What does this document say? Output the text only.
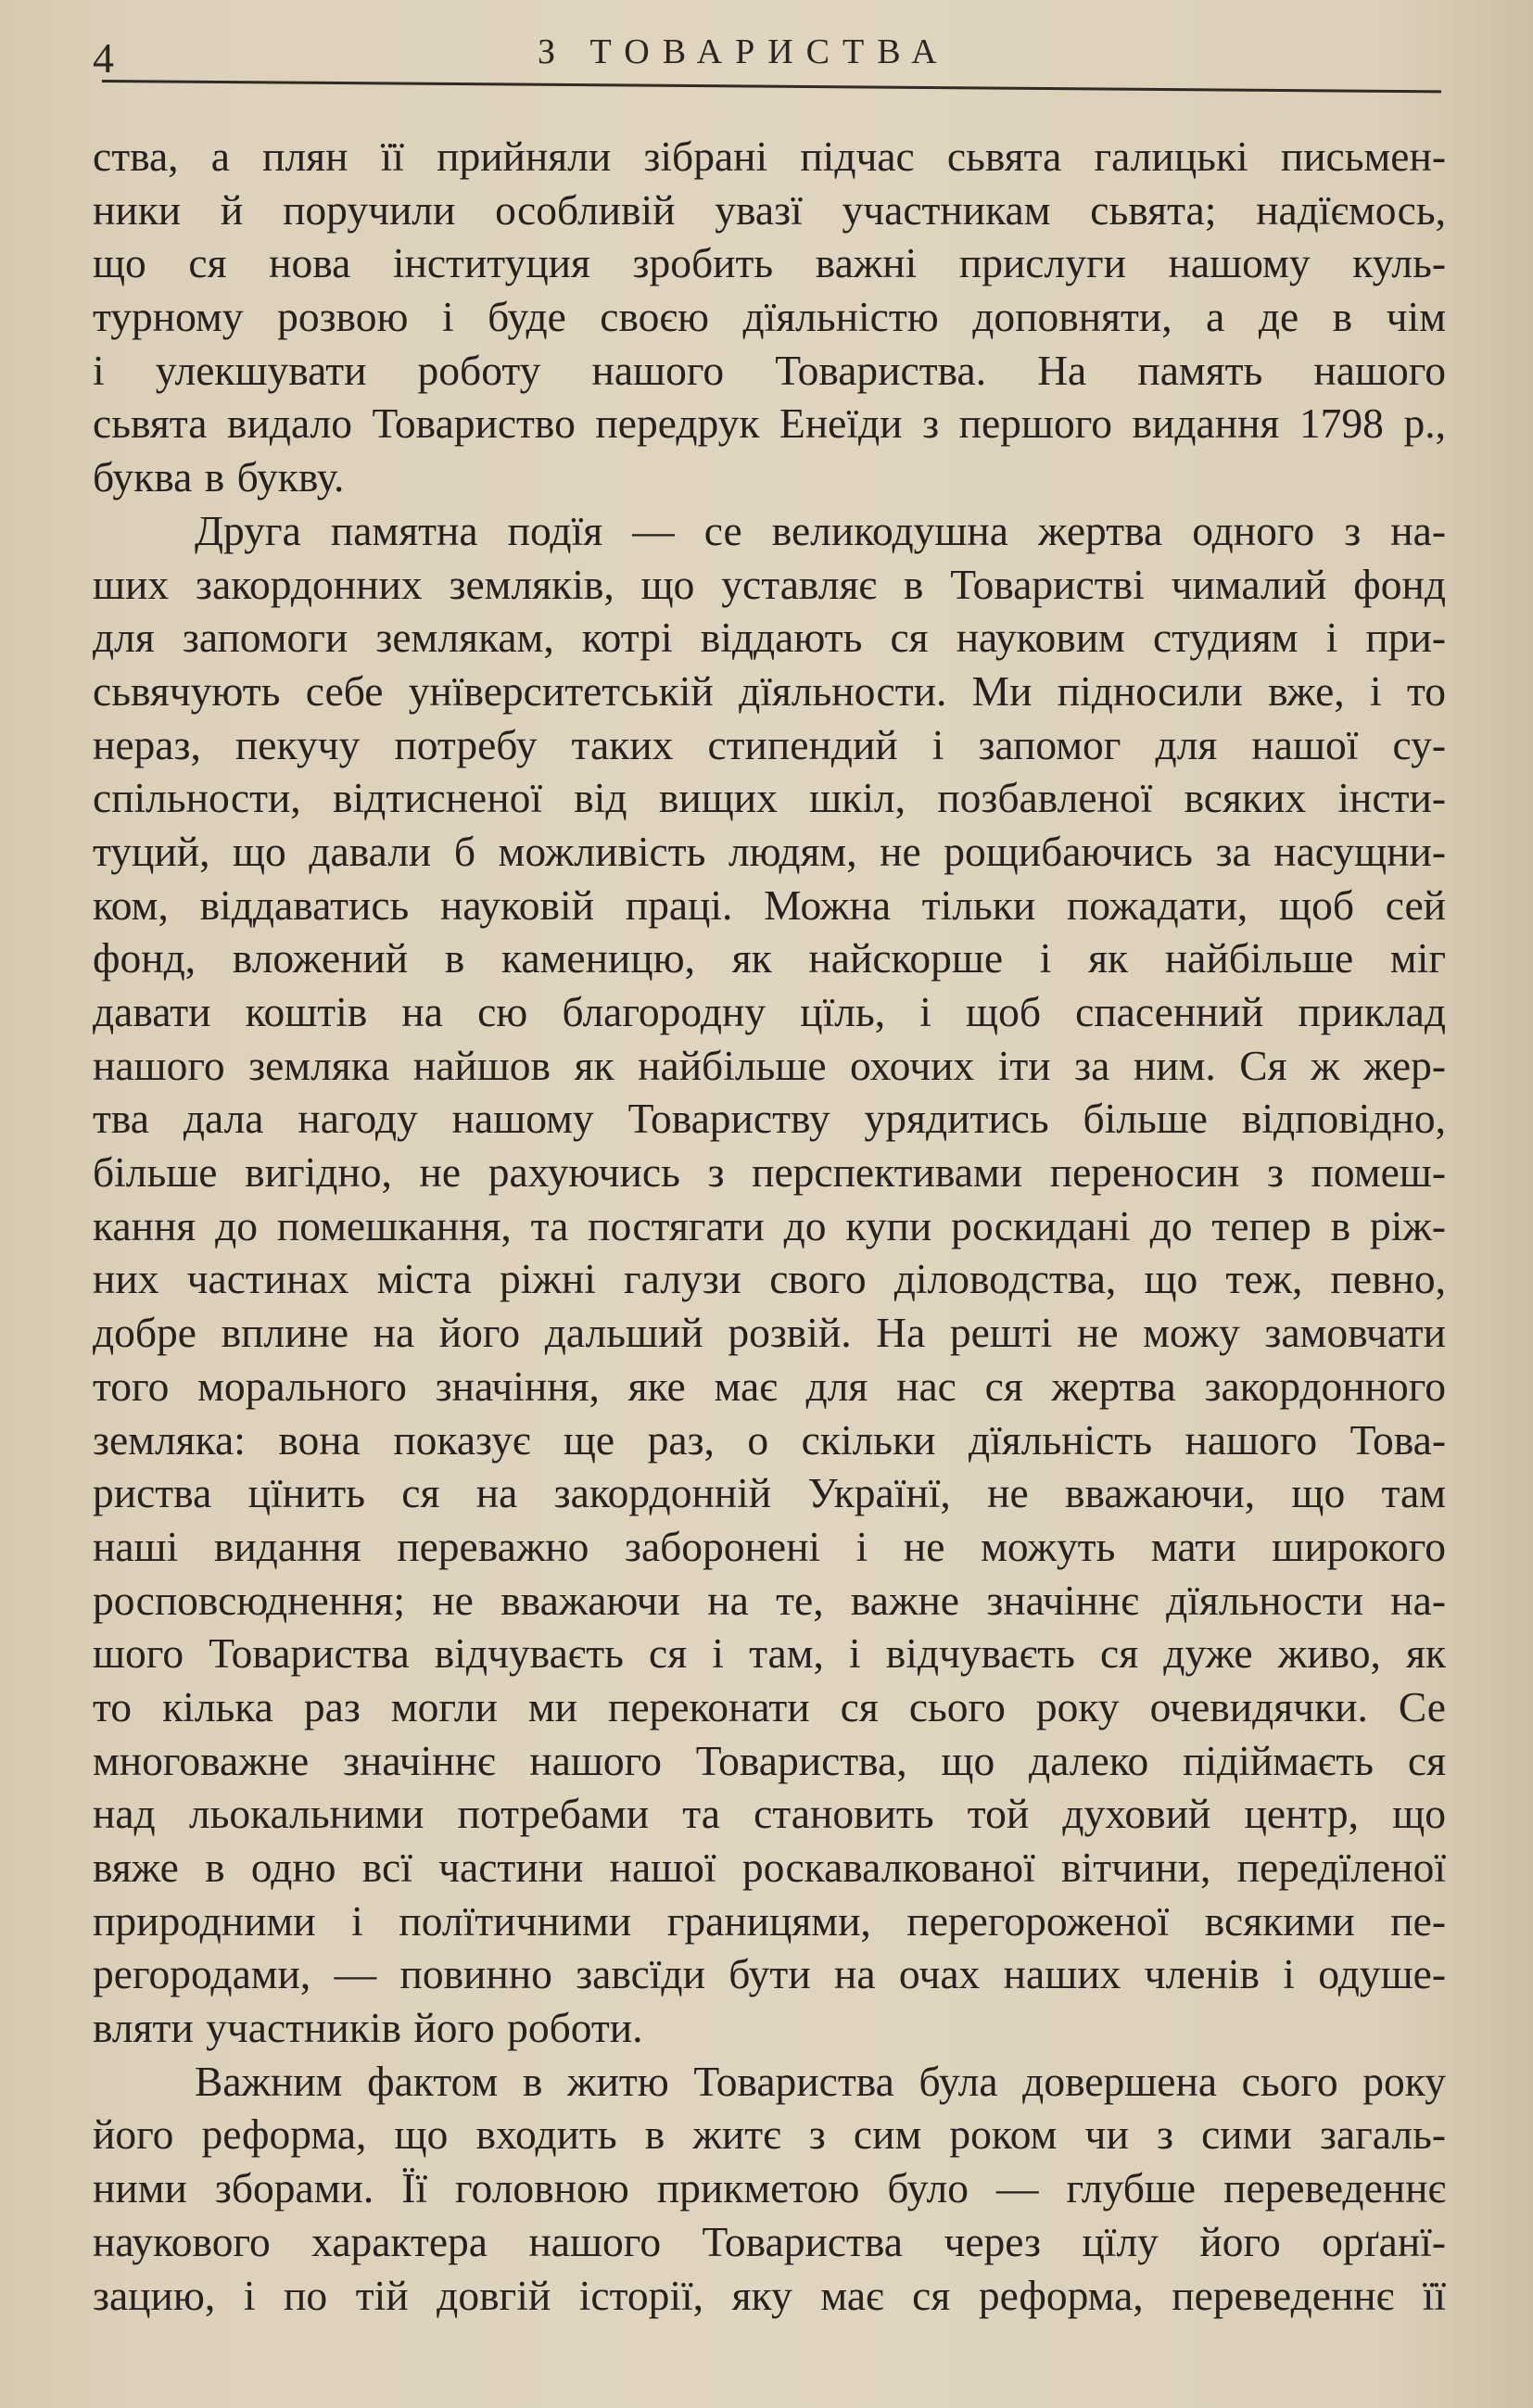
4	З ТОВАРИСТВА
ства, а плян її прийняли зібрані підчас сьвята галицькі письмен-
ники й поручили особливій увазї участникам сьвята; надїємось,
що ся нова інституция зробить важні прислуги нашому куль-
турному розвою і буде своєю дїяльністю доповняти, а де в чім
і улекшувати роботу нашого Товариства. На память нашого
сьвята видало Товариство передрук Енеїди з першого видання 1798 р.,
буква в букву.
Друга памятна подїя — се великодушна жертва одного з на-
ших закордонних земляків, що уставляє в Товаристві чималий фонд
для запомоги землякам, котрі віддають ся науковим студиям і при-
сьвячують себе унїверситетській дїяльности. Ми підносили вже, і то
нераз, пекучу потребу таких стипендий і запомог для нашої су-
спільности, відтисненої від вищих шкіл, позбавленої всяких інсти-
туций, що давали б можливість людям, не рощибаючись за насущни-
ком, віддаватись науковій праці. Можна тільки пожадати, щоб сей
фонд, вложений в каменицю, як найскорше і як найбільше міг
давати коштів на сю благородну цїль, і щоб спасенний приклад
нашого земляка найшов як найбільше охочих іти за ним. Ся ж жер-
тва дала нагоду нашому Товариству урядитись більше відповідно,
більше вигідно, не рахуючись з перспективами переносин з помеш-
кання до помешкання, та постягати до купи роскидані до тепер в ріж-
них частинах міста ріжні галузи свого діловодства, що теж, певно,
добре вплине на його дальший розвій. На решті не можу замовчати
того морального значіння, яке має для нас ся жертва закордонного
земляка: вона показує ще раз, о скільки дїяльність нашого Това-
риства цїнить ся на закордонній Українї, не вважаючи, що там
наші видання переважно заборонені і не можуть мати широкого
росповсюднення; не вважаючи на те, важне значіннє дїяльности на-
шого Товариства відчуваєть ся і там, і відчуваєть ся дуже живо, як
то кілька раз могли ми переконати ся сього року очевидячки. Се
многоважне значіннє нашого Товариства, що далеко підіймаєть ся
над льокальними потребами та становить той духовий центр, що
вяже в одно всї частини нашої роскавалкованої вітчини, передїленої
природними і полїтичними границями, перегороженої всякими пе-
регородами, — повинно завсїди бути на очах наших членів і одуше-
вляти участників його роботи.
Важним фактом в житю Товариства була довершена сього року
його реформа, що входить в житє з сим роком чи з сими загаль-
ними зборами. Її головною прикметою було — глубше переведеннє
наукового характера нашого Товариства через цїлу його орґанї-
зацию, і по тій довгій історії, яку має ся реформа, переведеннє її
